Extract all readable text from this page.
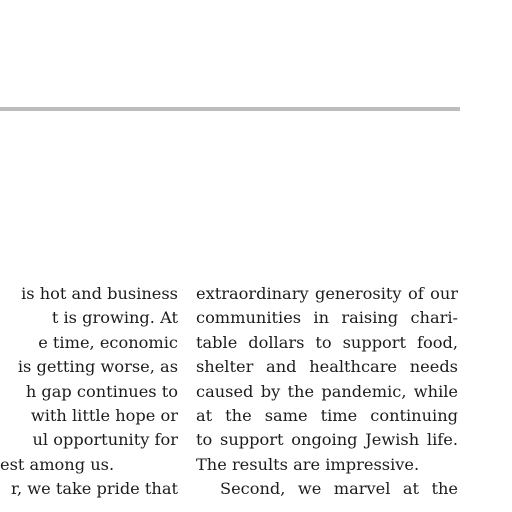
is hot and business
t is growing. At
e time, economic
is getting worse, as
h gap continues to
with little hope or
ul opportunity for
est among us.
r, we take pride that
extraordinary generosity of our
communities in raising chari-
table dollars to support food,
shelter and healthcare needs
caused by the pandemic, while
at the same time continuing
to support ongoing Jewish life.
The results are impressive.
Second, we marvel at the
